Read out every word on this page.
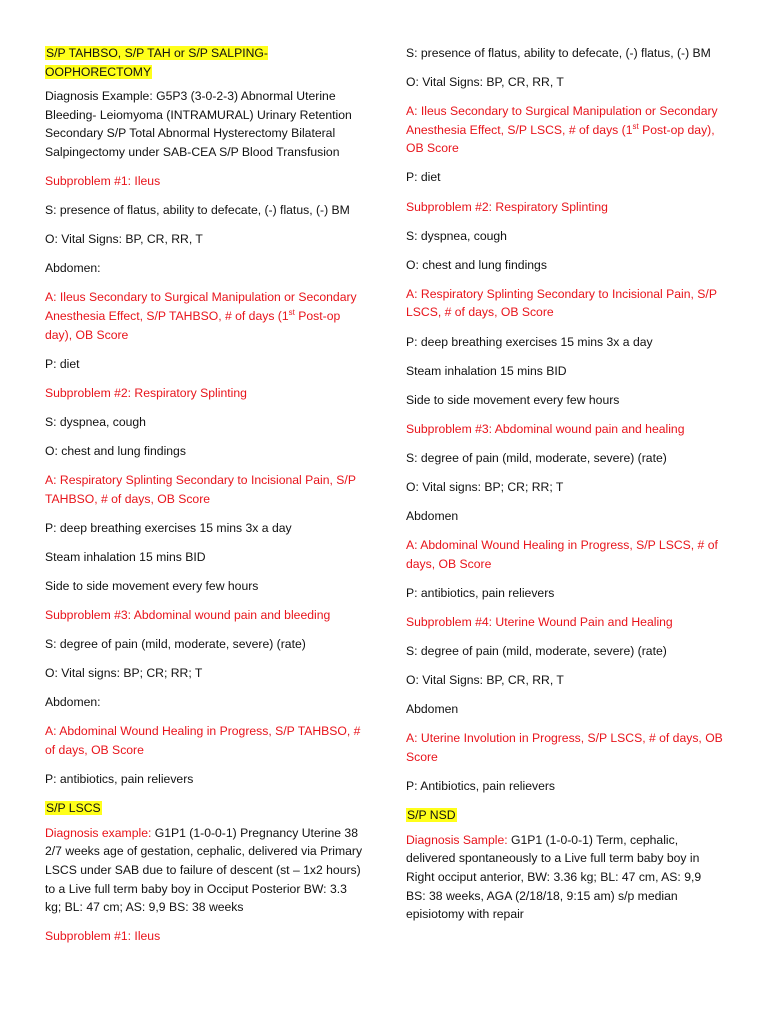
S/P TAHBSO, S/P TAH or S/P SALPING-OOPHORECTOMY

Diagnosis Example: G5P3 (3-0-2-3) Abnormal Uterine Bleeding- Leiomyoma (INTRAMURAL) Urinary Retention Secondary S/P Total Abnormal Hysterectomy Bilateral Salpingectomy under SAB-CEA S/P Blood Transfusion

Subproblem #1: Ileus

S: presence of flatus, ability to defecate, (-) flatus, (-) BM

O: Vital Signs: BP, CR, RR, T

Abdomen:

A: Ileus Secondary to Surgical Manipulation or Secondary Anesthesia Effect, S/P TAHBSO, # of days (1st Post-op day), OB Score

P: diet

Subproblem #2: Respiratory Splinting

S: dyspnea, cough

O: chest and lung findings

A: Respiratory Splinting Secondary to Incisional Pain, S/P TAHBSO, # of days, OB Score

P: deep breathing exercises 15 mins 3x a day

Steam inhalation 15 mins BID

Side to side movement every few hours

Subproblem #3: Abdominal wound pain and bleeding

S: degree of pain (mild, moderate, severe) (rate)

O: Vital signs: BP; CR; RR; T

Abdomen:

A: Abdominal Wound Healing in Progress, S/P TAHBSO, # of days, OB Score

P: antibiotics, pain relievers

S/P LSCS

Diagnosis example: G1P1 (1-0-0-1) Pregnancy Uterine 38 2/7 weeks age of gestation, cephalic, delivered via Primary LSCS under SAB due to failure of descent (st – 1x2 hours) to a Live full term baby boy in Occiput Posterior BW: 3.3 kg; BL: 47 cm; AS: 9,9 BS: 38 weeks

Subproblem #1: Ileus

S: presence of flatus, ability to defecate, (-) flatus, (-) BM

O: Vital Signs: BP, CR, RR, T

A: Ileus Secondary to Surgical Manipulation or Secondary Anesthesia Effect, S/P LSCS, # of days (1st Post-op day), OB Score

P: diet

Subproblem #2: Respiratory Splinting

S: dyspnea, cough

O: chest and lung findings

A: Respiratory Splinting Secondary to Incisional Pain, S/P LSCS, # of days, OB Score

P: deep breathing exercises 15 mins 3x a day

Steam inhalation 15 mins BID

Side to side movement every few hours

Subproblem #3: Abdominal wound pain and healing

S: degree of pain (mild, moderate, severe) (rate)

O: Vital signs: BP; CR; RR; T

Abdomen

A: Abdominal Wound Healing in Progress, S/P LSCS, # of days, OB Score

P: antibiotics, pain relievers

Subproblem #4: Uterine Wound Pain and Healing

S: degree of pain (mild, moderate, severe) (rate)

O: Vital Signs: BP, CR, RR, T

Abdomen

A: Uterine Involution in Progress, S/P LSCS, # of days, OB Score

P: Antibiotics, pain relievers

S/P NSD

Diagnosis Sample: G1P1 (1-0-0-1) Term, cephalic, delivered spontaneously to a Live full term baby boy in Right occiput anterior, BW: 3.36 kg; BL: 47 cm, AS: 9,9 BS: 38 weeks, AGA (2/18/18, 9:15 am) s/p median episiotomy with repair
